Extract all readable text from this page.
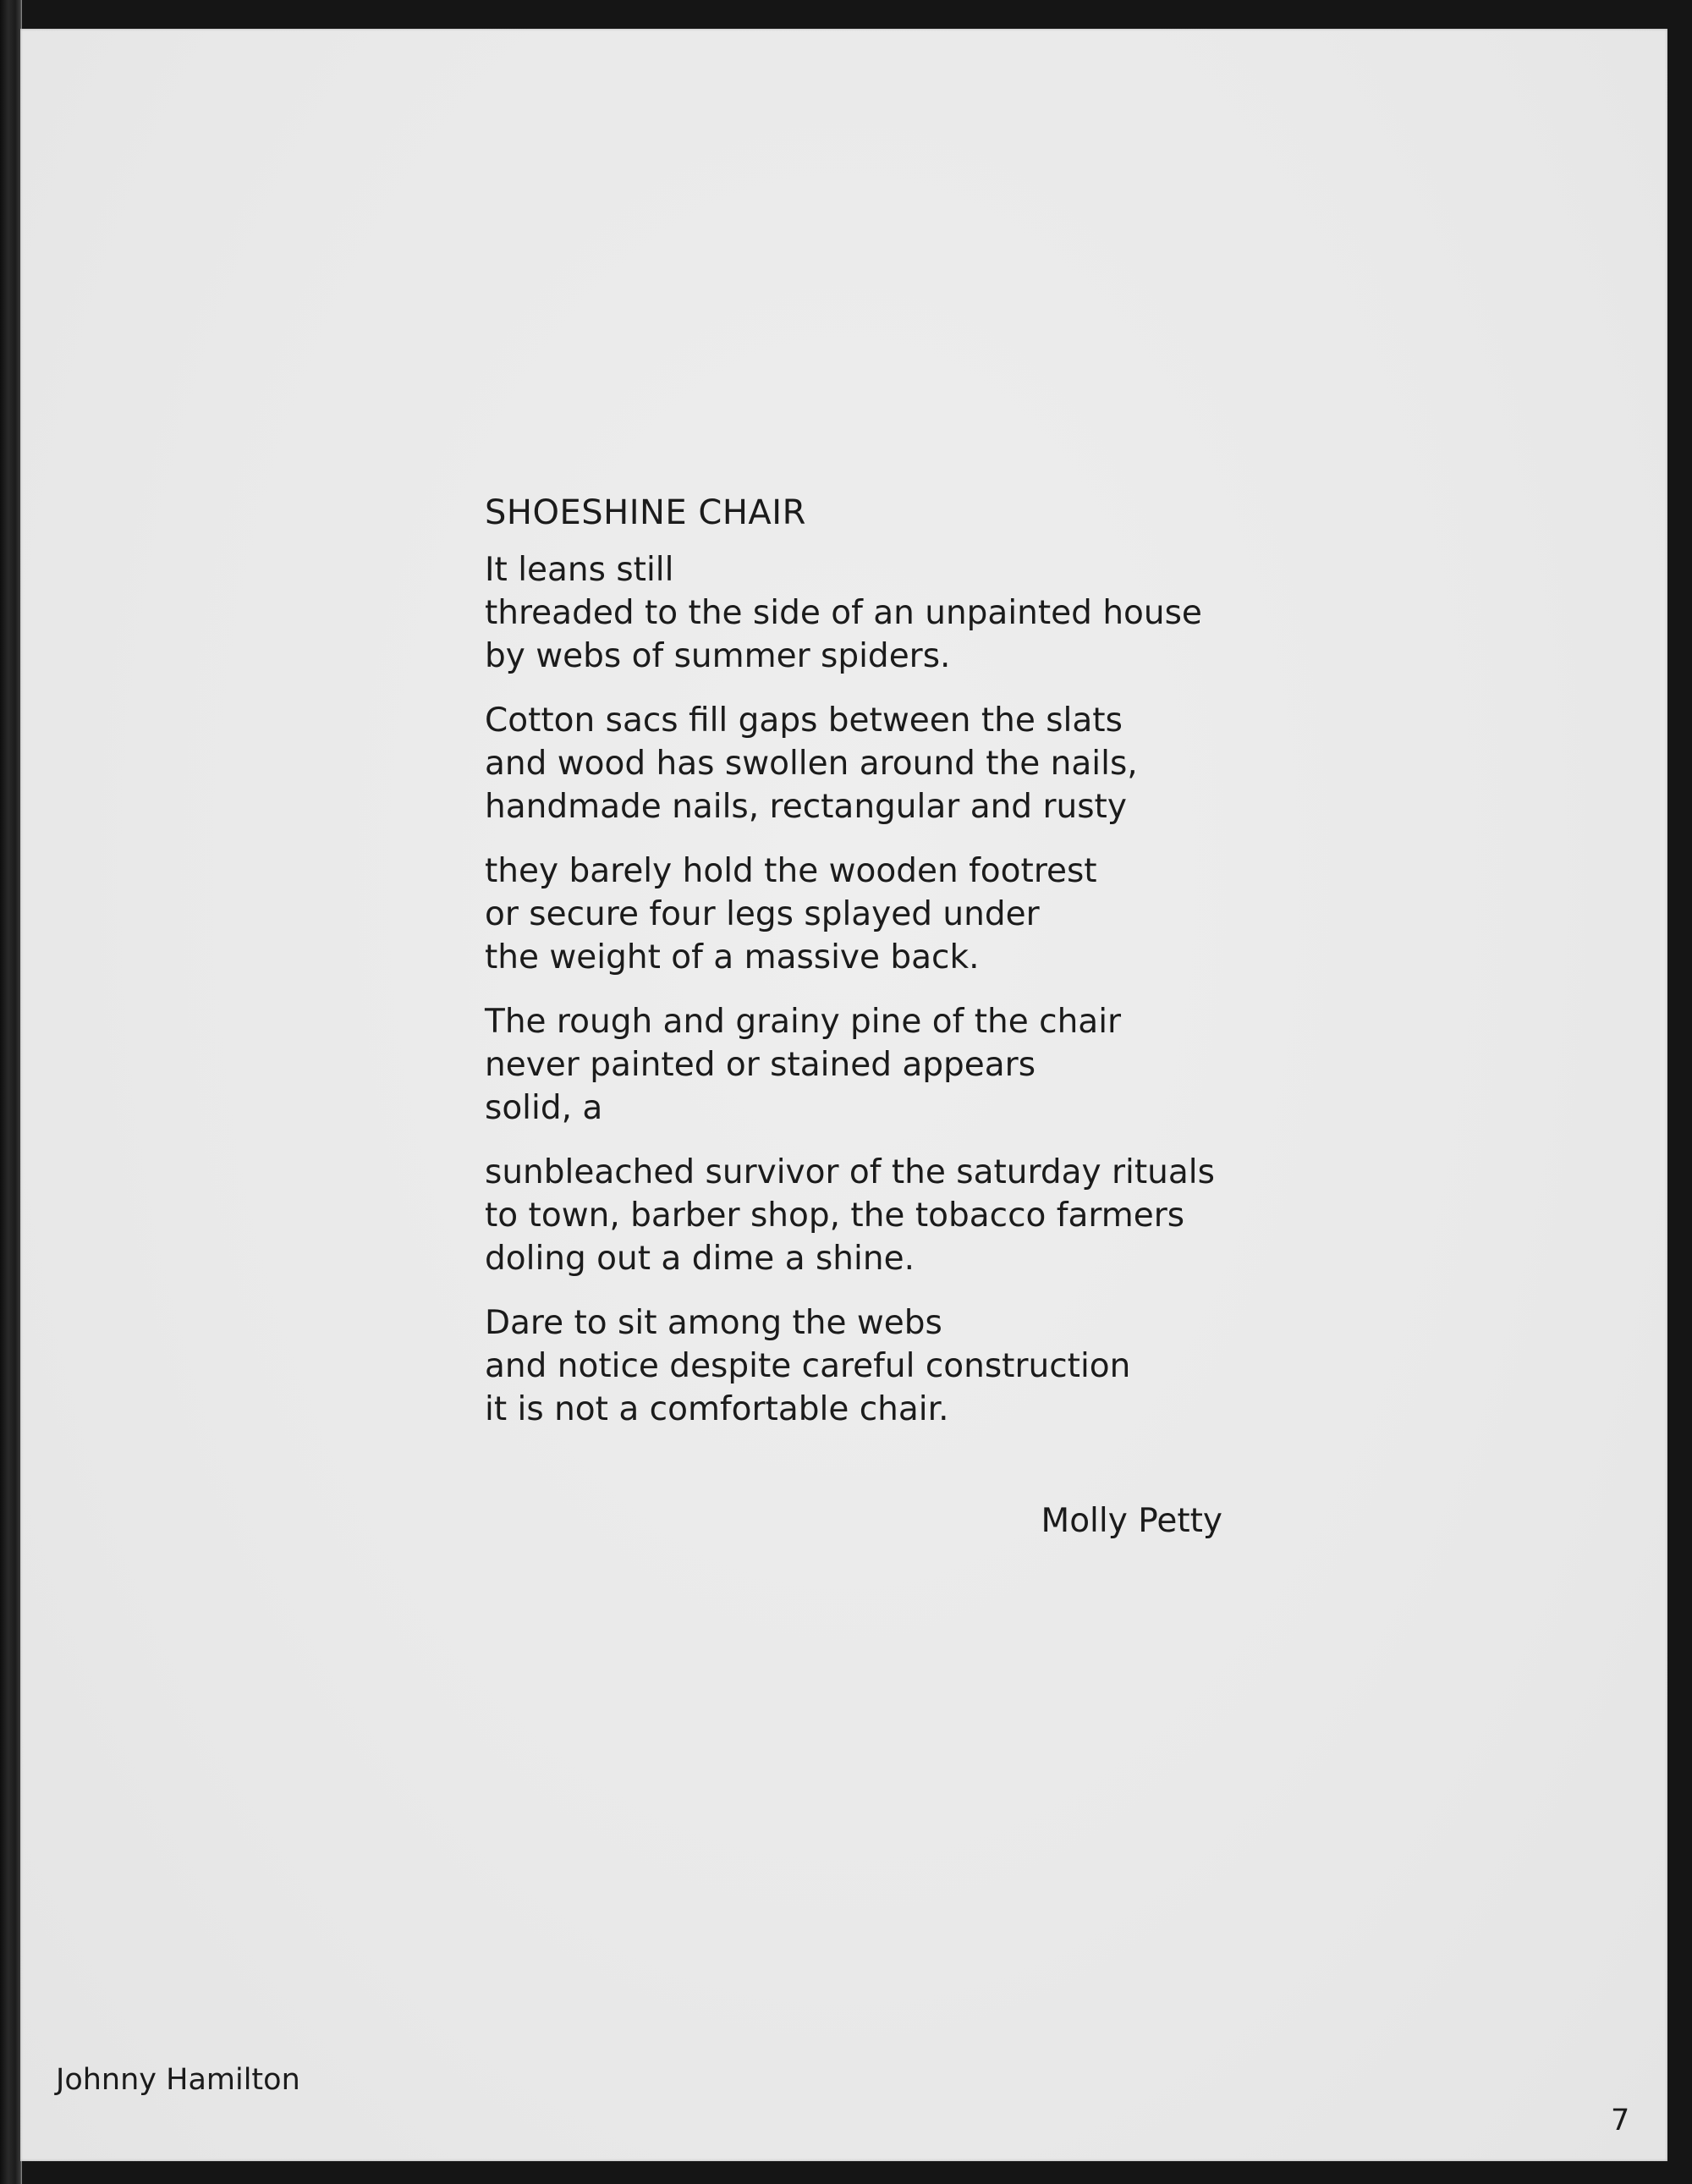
SHOESHINE CHAIR
It leans still
threaded to the side of an unpainted house
by webs of summer spiders.
Cotton sacs fill gaps between the slats
and wood has swollen around the nails,
handmade nails, rectangular and rusty
they barely hold the wooden footrest
or secure four legs splayed under
the weight of a massive back.
The rough and grainy pine of the chair
never painted or stained appears
solid, a
sunbleached survivor of the saturday rituals
to town, barber shop, the tobacco farmers
doling out a dime a shine.
Dare to sit among the webs
and notice despite careful construction
it is not a comfortable chair.
Molly Petty
Johnny Hamilton
7
